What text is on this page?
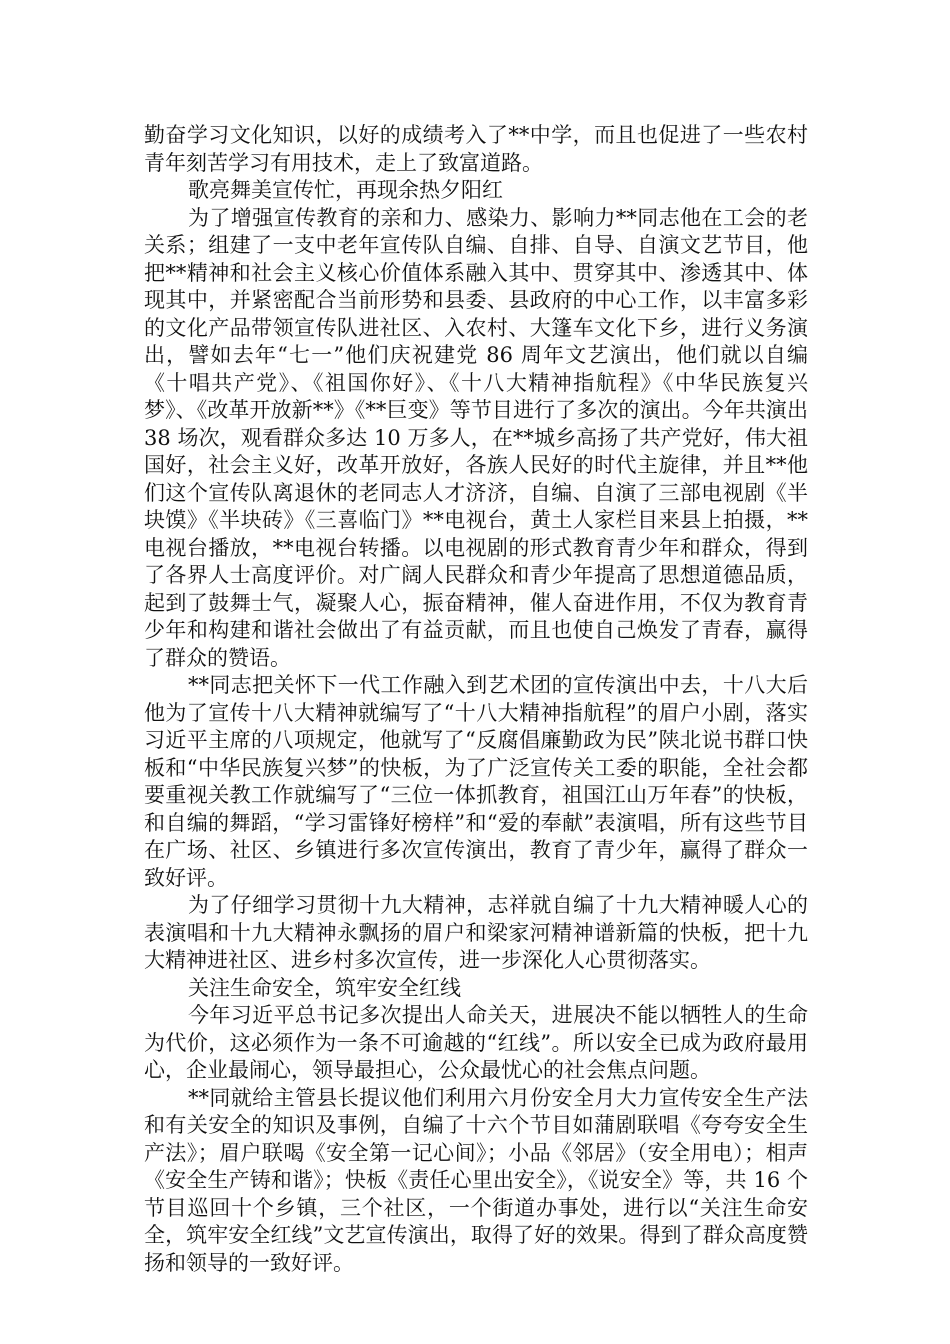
勤奋学习文化知识，以好的成绩考入了**中学，而且也促进了一些农村青年刻苦学习有用技术，走上了致富道路。

歌亮舞美宣传忙，再现余热夕阳红

为了增强宣传教育的亲和力、感染力、影响力**同志他在工会的老关系；组建了一支中老年宣传队自编、自排、自导、自演文艺节目，他把**精神和社会主义核心价值体系融入其中、贯穿其中、渗透其中、体现其中，并紧密配合当前形势和县委、县政府的中心工作，以丰富多彩的文化产品带领宣传队进社区、入农村、大篷车文化下乡，进行义务演出，譬如去年“七一”他们庆祝建党 86 周年文艺演出，他们就以自编《十唱共产党》、《祖国你好》、《十八大精神指航程》《中华民族复兴梦》、《改革开放新**》《**巨变》等节目进行了多次的演出。今年共演出 38 场次，观看群众多达 10 万多人，在**城乡高扬了共产党好，伟大祖国好，社会主义好，改革开放好，各族人民好的时代主旋律，并且**他们这个宣传队离退休的老同志人才济济，自编、自演了三部电视剧《半块馍》《半块砖》《三喜临门》**电视台，黄土人家栏目来县上拍摄，**电视台播放，**电视台转播。以电视剧的形式教育青少年和群众，得到了各界人士高度评价。对广阔人民群众和青少年提高了思想道德品质，起到了鼓舞士气，凝聚人心，振奋精神，催人奋进作用，不仅为教育青少年和构建和谐社会做出了有益贡献，而且也使自己焕发了青春，赢得了群众的赞语。

**同志把关怀下一代工作融入到艺术团的宣传演出中去，十八大后他为了宣传十八大精神就编写了“十八大精神指航程”的眉户小剧，落实习近平主席的八项规定，他就写了“反腐倡廉勤政为民”陕北说书群口快板和“中华民族复兴梦”的快板，为了广泛宣传关工委的职能，全社会都要重视关教工作就编写了“三位一体抓教育，祖国江山万年春”的快板，和自编的舞蹈，“学习雷锋好榜样”和“爱的奉献”表演唱，所有这些节目在广场、社区、乡镇进行多次宣传演出，教育了青少年，赢得了群众一致好评。

为了仔细学习贯彻十九大精神，志祥就自编了十九大精神暖人心的表演唱和十九大精神永飘扬的眉户和梁家河精神谱新篇的快板，把十九大精神进社区、进乡村多次宣传，进一步深化人心贯彻落实。

关注生命安全，筑牢安全红线

今年习近平总书记多次提出人命关天，进展决不能以牺牲人的生命为代价，这必须作为一条不可逾越的“红线”。所以安全已成为政府最用心，企业最闹心，领导最担心，公众最忧心的社会焦点问题。

**同就给主管县长提议他们利用六月份安全月大力宣传安全生产法和有关安全的知识及事例，自编了十六个节目如蒲剧联唱《夸夸安全生产法》；眉户联喝《安全第一记心间》；小品《邻居》（安全用电）；相声《安全生产铸和谐》；快板《责任心里出安全》，《说安全》等，共 16 个节目巡回十个乡镇，三个社区，一个街道办事处，进行以“关注生命安全，筑牢安全红线”文艺宣传演出，取得了好的效果。得到了群众高度赞扬和领导的一致好评。
